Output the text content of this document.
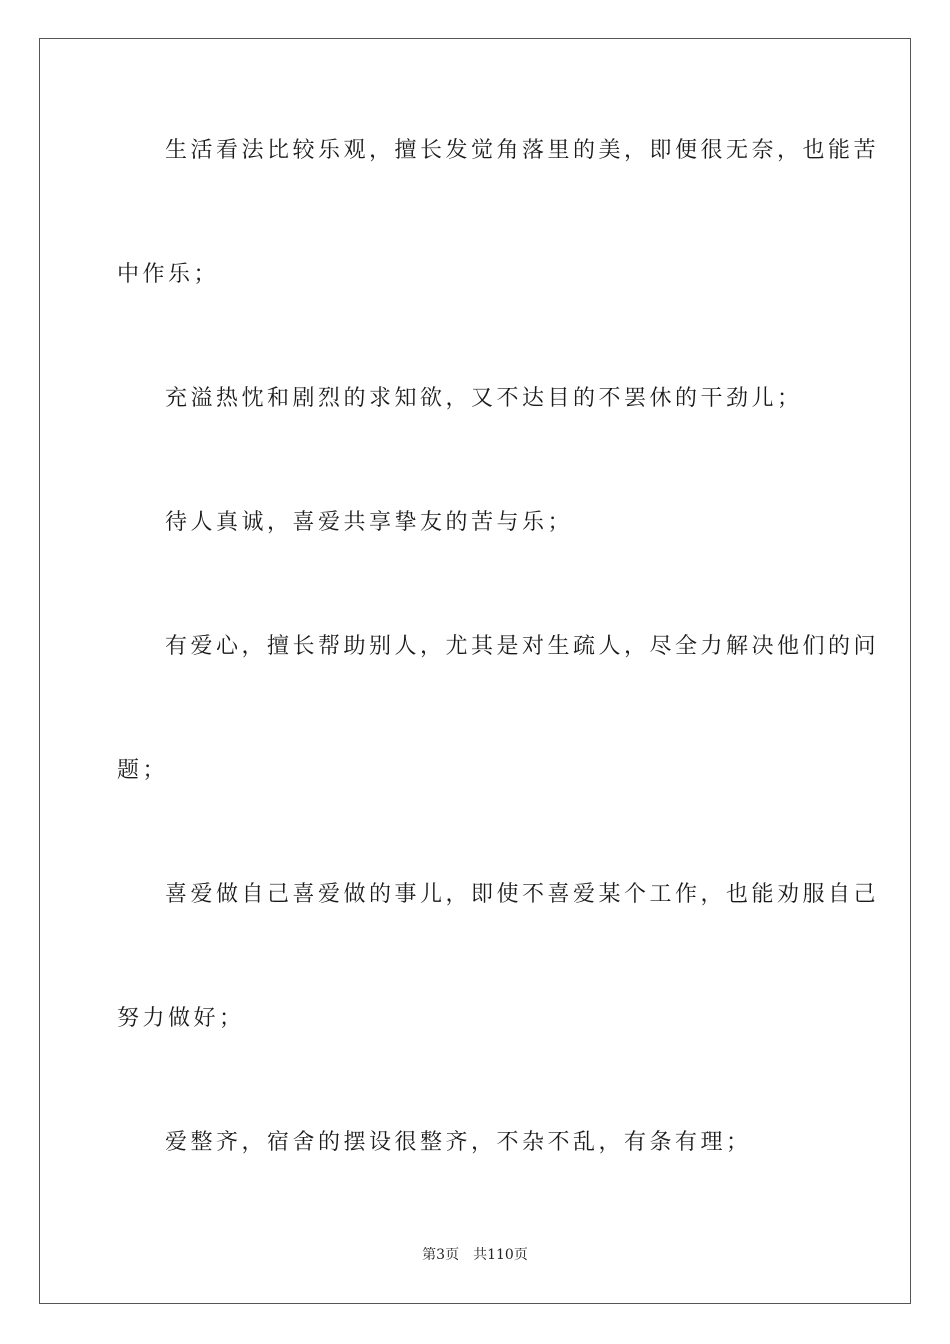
生活看法比较乐观，擅长发觉角落里的美，即便很无奈，也能苦
中作乐；
充溢热忱和剧烈的求知欲，又不达目的不罢休的干劲儿；
待人真诚，喜爱共享挚友的苦与乐；
有爱心，擅长帮助别人，尤其是对生疏人，尽全力解决他们的问
题；
喜爱做自己喜爱做的事儿，即使不喜爱某个工作，也能劝服自己
努力做好；
爱整齐，宿舍的摆设很整齐，不杂不乱，有条有理；
第3页 共110页
